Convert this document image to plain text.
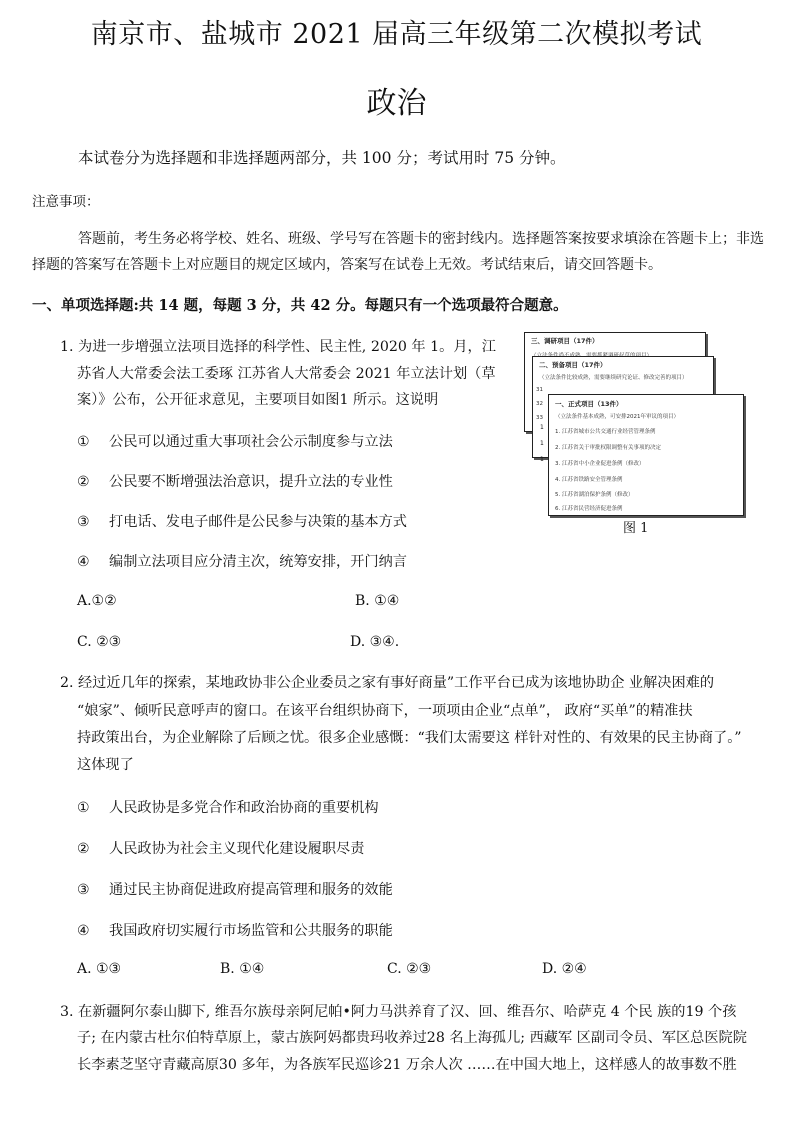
南京市、盐城市 2021 届高三年级第二次模拟考试
政治
本试卷分为选择题和非选择题两部分，共 100 分；考试用时 75 分钟。
注意事项：
答题前，考生务必将学校、姓名、班级、学号写在答题卡的密封线内。选择题答案按要求填涂在答题卡上；非选择题的答案写在答题卡上对应题目的规定区域内，答案写在试卷上无效。考试结束后，请交回答题卡。
一、单项选择题:共 14 题，每题 3 分，共 42 分。每题只有一个选项最符合题意。
1. 为进一步增强立法项目选择的科学性、民主性, 2020 年 1。月，江
苏省人大常委会法工委琢 江苏省人大常委会 2021 年立法计划（草
案）》公布，公开征求意见，主要项目如图1 所示。这说明
① 公民可以通过重大事项社会公示制度参与立法
② 公民要不断增强法治意识，提升立法的专业性
③ 打电话、发电子邮件是公民参与决策的基本方式
④ 编制立法项目应分清主次，统筹安排，开门纳言
A.①②	B. ①④
C. ②③	D. ③④.
三、调研项目（17件）
二、预备项目（17件）
（立法条件比较成熟，需要继续研究论证、修改完善的项目）
31
32
33
一、正式项目（13件）
（立法条件基本成熟，可安排2021年审议的项目）
1. 江苏省城市公共交通行业经营管理条例
2. 江苏省关于审批权限调整有关事项的决定
3. 江苏省中小企业促进条例（修改）
4. 江苏省铁路安全管理条例
5. 江苏省湖泊保护条例（修改）
6. 江苏省民营经济促进条例
1
1
1
图 1
2. 经过近几年的探索，某地政协非公企业委员之家有事好商量”工作平台已成为该地协助企 业解决困难的
“娘家”、倾听民意呼声的窗口。在该平台组织协商下，一项项由企业“点单”， 政府“买单”的精准扶
持政策出台，为企业解除了后顾之忧。很多企业感慨：“我们太需要这 样针对性的、有效果的民主协商了。”
这体现了
① 人民政协是多党合作和政治协商的重要机构
② 人民政协为社会主义现代化建设履职尽责
③ 通过民主协商促进政府提高管理和服务的效能
④ 我国政府切实履行市场监管和公共服务的职能
A. ①③	B. ①④	C. ②③	D. ②④
3. 在新疆阿尔泰山脚下, 维吾尔族母亲阿尼帕•阿力马洪养育了汉、回、维吾尔、哈萨克 4 个民 族的19 个孩
子; 在内蒙古杜尔伯特草原上，蒙古族阿妈都贵玛收养过28 名上海孤儿; 西藏军 区副司令员、军区总医院院
长李素芝坚守青藏高原30 多年，为各族军民巡诊21 万余人次 ……在中国大地上，这样感人的故事数不胜
